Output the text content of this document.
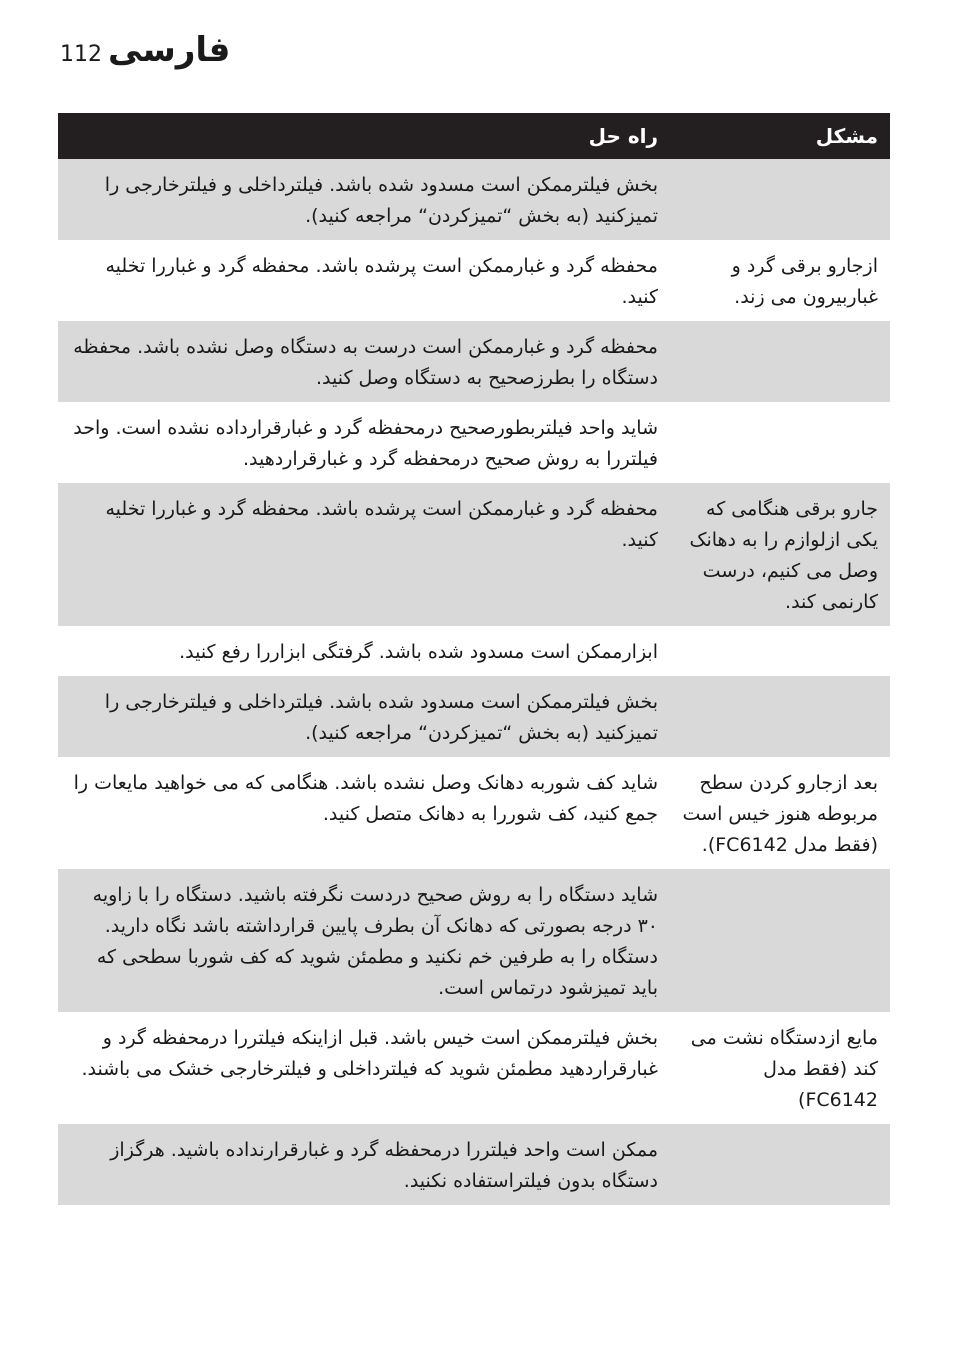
112 فارسی
مشکل	راه حل
	بخش فیلترممکن است مسدود شده باشد. فیلترداخلی و فیلترخارجی را تمیزکنید (به بخش “تمیزکردن“ مراجعه کنید).
ازجارو برقی گرد و غباربیرون می زند.	محفظه گرد و غبارممکن است پرشده باشد. محفظه گرد و غباررا تخلیه کنید.
	محفظه گرد و غبارممکن است درست به دستگاه وصل نشده باشد. محفظه دستگاه را بطرزصحیح به دستگاه وصل کنید.
	شاید واحد فیلتربطورصحیح درمحفظه گرد و غبارقرارداده نشده است. واحد فیلتررا به روش صحیح درمحفظه گرد و غبارقراردهید.
جارو برقی هنگامی که یکی ازلوازم را به دهانک وصل می کنیم، درست کارنمی کند.	محفظه گرد و غبارممکن است پرشده باشد. محفظه گرد و غباررا تخلیه کنید.
	ابزارممکن است مسدود شده باشد. گرفتگی ابزاررا رفع کنید.
	بخش فیلترممکن است مسدود شده باشد. فیلترداخلی و فیلترخارجی را تمیزکنید (به بخش “تمیزکردن“ مراجعه کنید).
بعد ازجارو کردن سطح مربوطه هنوز خیس است (فقط مدل FC6142).	شاید کف شوربه دهانک وصل نشده باشد. هنگامی که می خواهید مایعات را جمع کنید، کف شوررا به دهانک متصل کنید.
	شاید دستگاه را به روش صحیح دردست نگرفته باشید. دستگاه را با زاویه ۳۰ درجه بصورتی که دهانک آن بطرف پایین قرارداشته باشد نگاه دارید. دستگاه را به طرفین خم نکنید و مطمئن شوید که کف شوربا سطحی که باید تمیزشود درتماس است.
مایع ازدستگاه نشت می کند (فقط مدل FC6142)	بخش فیلترممکن است خیس باشد. قبل ازاینکه فیلتررا درمحفظه گرد و غبارقراردهید مطمئن شوید که فیلترداخلی و فیلترخارجی خشک می باشند.
	ممکن است واحد فیلتررا درمحفظه گرد و غبارقرارنداده باشید. هرگزاز دستگاه بدون فیلتراستفاده نکنید.
